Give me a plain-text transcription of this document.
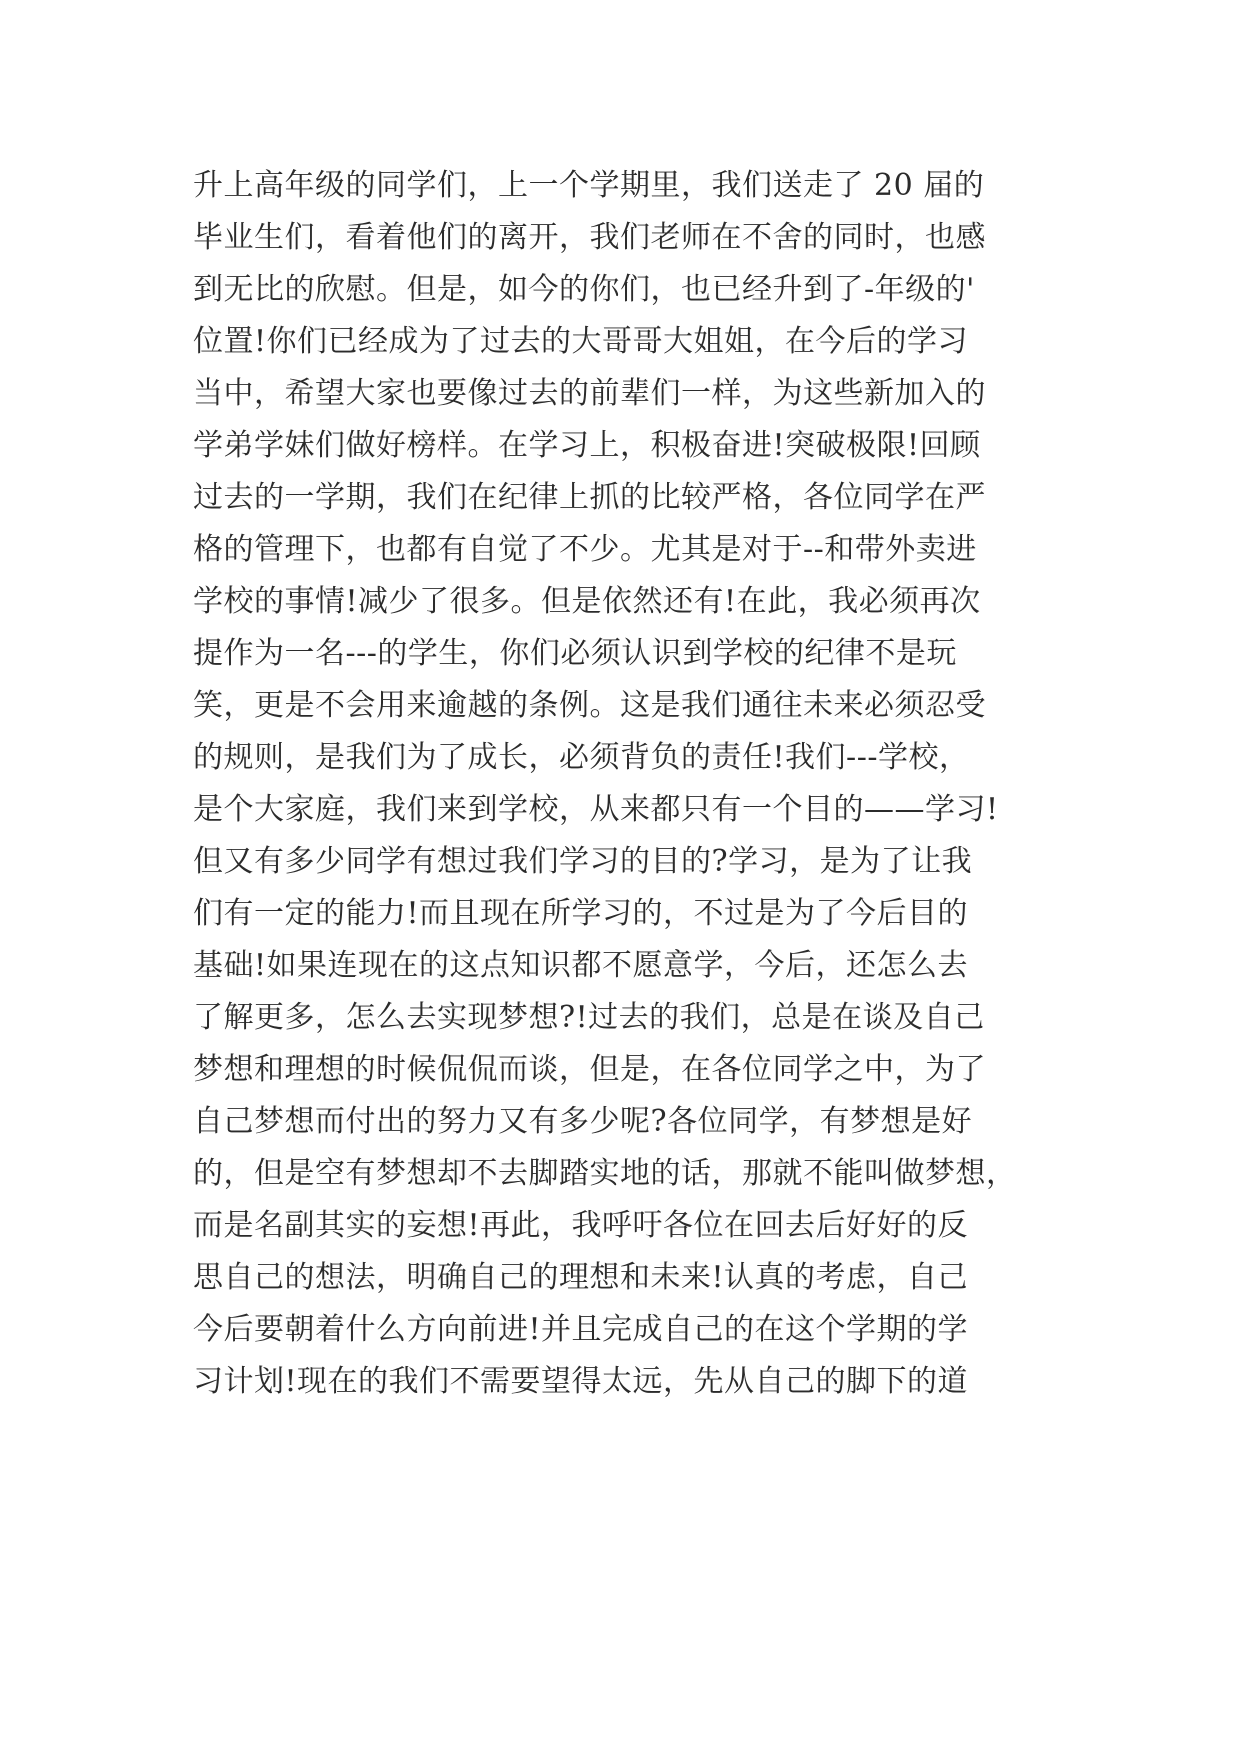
升上高年级的同学们，上一个学期里，我们送走了 20 届的
毕业生们，看着他们的离开，我们老师在不舍的同时，也感
到无比的欣慰。但是，如今的你们，也已经升到了-年级的'
位置!你们已经成为了过去的大哥哥大姐姐，在今后的学习
当中，希望大家也要像过去的前辈们一样，为这些新加入的
学弟学妹们做好榜样。在学习上，积极奋进!突破极限!回顾
过去的一学期，我们在纪律上抓的比较严格，各位同学在严
格的管理下，也都有自觉了不少。尤其是对于--和带外卖进
学校的事情!减少了很多。但是依然还有!在此，我必须再次
提作为一名---的学生，你们必须认识到学校的纪律不是玩
笑，更是不会用来逾越的条例。这是我们通往未来必须忍受
的规则，是我们为了成长，必须背负的责任!我们---学校，
是个大家庭，我们来到学校，从来都只有一个目的——学习!
但又有多少同学有想过我们学习的目的?学习，是为了让我
们有一定的能力!而且现在所学习的，不过是为了今后目的
基础!如果连现在的这点知识都不愿意学，今后，还怎么去
了解更多，怎么去实现梦想?!过去的我们，总是在谈及自己
梦想和理想的时候侃侃而谈，但是，在各位同学之中，为了
自己梦想而付出的努力又有多少呢?各位同学，有梦想是好
的，但是空有梦想却不去脚踏实地的话，那就不能叫做梦想，
而是名副其实的妄想!再此，我呼吁各位在回去后好好的反
思自己的想法，明确自己的理想和未来!认真的考虑，自己
今后要朝着什么方向前进!并且完成自己的在这个学期的学
习计划!现在的我们不需要望得太远，先从自己的脚下的道
